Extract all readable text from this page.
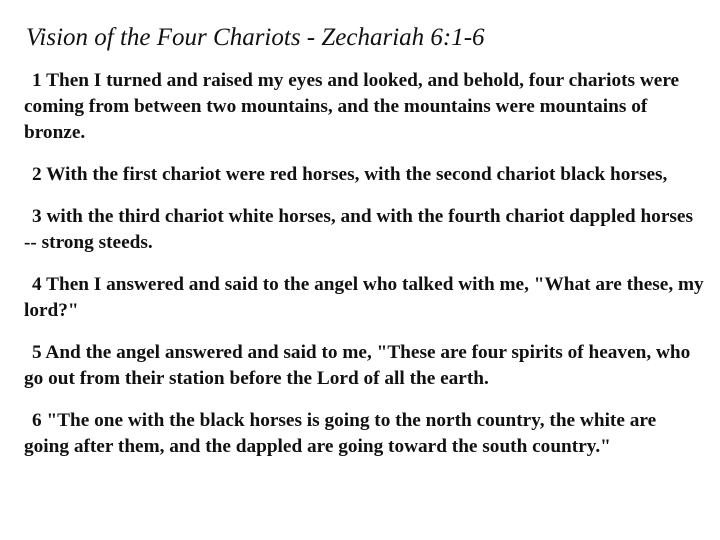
Vision of the Four Chariots - Zechariah 6:1-6
1 Then I turned and raised my eyes and looked, and behold, four chariots were coming from between two mountains, and the mountains were mountains of bronze.
2 With the first chariot were red horses, with the second chariot black horses,
3 with the third chariot white horses, and with the fourth chariot dappled horses -- strong steeds.
4 Then I answered and said to the angel who talked with me, "What are these, my lord?"
5 And the angel answered and said to me, "These are four spirits of heaven, who go out from their station before the Lord of all the earth.
6 "The one with the black horses is going to the north country, the white are going after them, and the dappled are going toward the south country."
